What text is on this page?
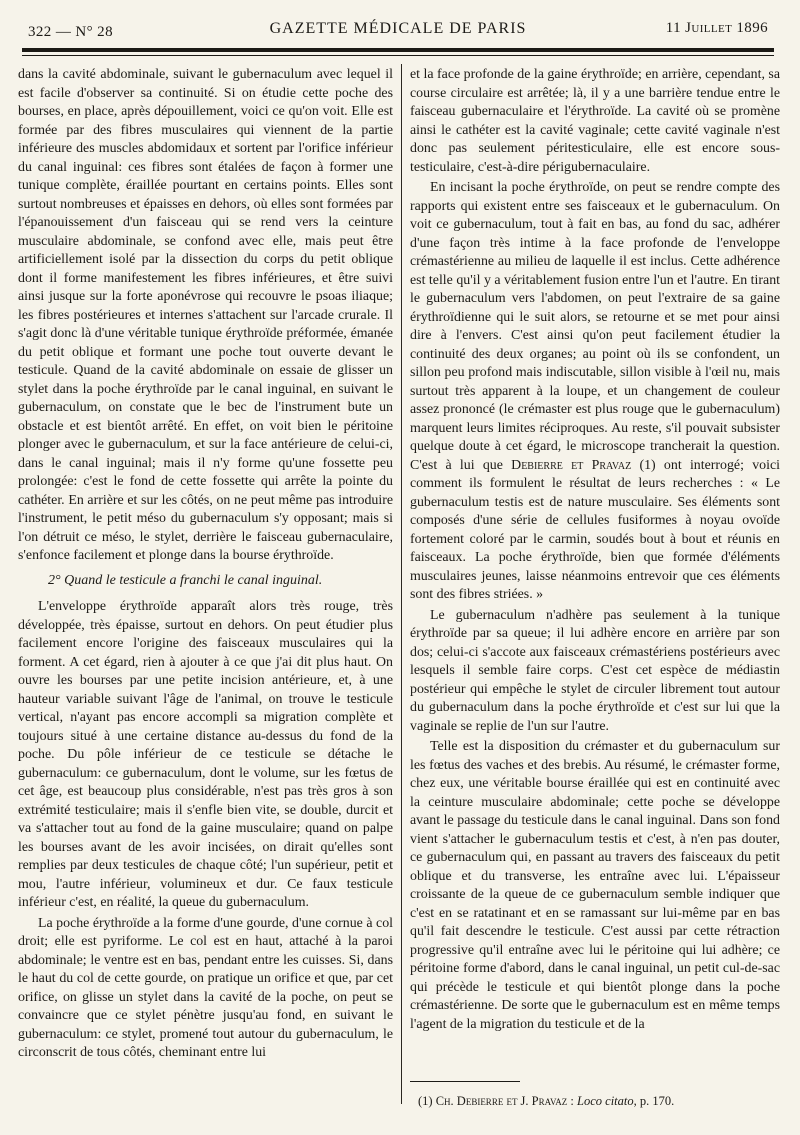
322 — N° 28	GAZETTE MÉDICALE DE PARIS	11 Juillet 1896

dans la cavité abdominale, suivant le gubernaculum avec lequel il est facile d'observer sa continuité. Si on étudie cette poche des bourses, en place, après dépouillement, voici ce qu'on voit. Elle est formée par des fibres musculaires qui viennent de la partie inférieure des muscles abdomidaux et sortent par l'orifice inférieur du canal inguinal: ces fibres sont étalées de façon à former une tunique complète, éraillée pourtant en certains points. Elles sont surtout nombreuses et épaisses en dehors, où elles sont formées par l'épanouissement d'un faisceau qui se rend vers la ceinture musculaire abdominale, se confond avec elle, mais peut être artificiellement isolé par la dissection du corps du petit oblique dont il forme manifestement les fibres inférieures, et être suivi ainsi jusque sur la forte aponévrose qui recouvre le psoas iliaque; les fibres postérieures et internes s'attachent sur l'arcade crurale. Il s'agit donc là d'une véritable tunique érythroïde préformée, émanée du petit oblique et formant une poche tout ouverte devant le testicule. Quand de la cavité abdominale on essaie de glisser un stylet dans la poche érythroïde par le canal inguinal, en suivant le gubernaculum, on constate que le bec de l'instrument bute un obstacle et est bientôt arrêté. En effet, on voit bien le péritoine plonger avec le gubernaculum, et sur la face antérieure de celui-ci, dans le canal inguinal; mais il n'y forme qu'une fossette peu prolongée: c'est le fond de cette fossette qui arrête la pointe du cathéter. En arrière et sur les côtés, on ne peut même pas introduire l'instrument, le petit méso du gubernaculum s'y opposant; mais si l'on détruit ce méso, le stylet, derrière le faisceau gubernaculaire, s'enfonce facilement et plonge dans la bourse érythroïde.

2° Quand le testicule a franchi le canal inguinal.

L'enveloppe érythroïde apparaît alors très rouge, très développée, très épaisse, surtout en dehors. On peut étudier plus facilement encore l'origine des faisceaux musculaires qui la forment. A cet égard, rien à ajouter à ce que j'ai dit plus haut. On ouvre les bourses par une petite incision antérieure, et, à une hauteur variable suivant l'âge de l'animal, on trouve le testicule vertical, n'ayant pas encore accompli sa migration complète et toujours situé à une certaine distance au-dessus du fond de la poche. Du pôle inférieur de ce testicule se détache le gubernaculum: ce gubernaculum, dont le volume, sur les fœtus de cet âge, est beaucoup plus considérable, n'est pas très gros à son extrémité testiculaire; mais il s'enfle bien vite, se double, durcit et va s'attacher tout au fond de la gaine musculaire; quand on palpe les bourses avant de les avoir incisées, on dirait qu'elles sont remplies par deux testicules de chaque côté; l'un supérieur, petit et mou, l'autre inférieur, volumineux et dur. Ce faux testicule inférieur c'est, en réalité, la queue du gubernaculum.

La poche érythroïde a la forme d'une gourde, d'une cornue à col droit; elle est pyriforme. Le col est en haut, attaché à la paroi abdominale; le ventre est en bas, pendant entre les cuisses. Si, dans le haut du col de cette gourde, on pratique un orifice et que, par cet orifice, on glisse un stylet dans la cavité de la poche, on peut se convaincre que ce stylet pénètre jusqu'au fond, en suivant le gubernaculum: ce stylet, promené tout autour du gubernaculum, le circonscrit de tous côtés, cheminant entre lui

et la face profonde de la gaine érythroïde; en arrière, cependant, sa course circulaire est arrêtée; là, il y a une barrière tendue entre le faisceau gubernaculaire et l'érythroïde. La cavité où se promène ainsi le cathéter est la cavité vaginale; cette cavité vaginale n'est donc pas seulement péritesticulaire, elle est encore sous-testiculaire, c'est-à-dire périgubernaculaire.

En incisant la poche érythroïde, on peut se rendre compte des rapports qui existent entre ses faisceaux et le gubernaculum. On voit ce gubernaculum, tout à fait en bas, au fond du sac, adhérer d'une façon très intime à la face profonde de l'enveloppe crémastérienne au milieu de laquelle il est inclus. Cette adhérence est telle qu'il y a véritablement fusion entre l'un et l'autre. En tirant le gubernaculum vers l'abdomen, on peut l'extraire de sa gaine érythroïdienne qui le suit alors, se retourne et se met pour ainsi dire à l'envers. C'est ainsi qu'on peut facilement étudier la continuité des deux organes; au point où ils se confondent, un sillon peu profond mais indiscutable, sillon visible à l'œil nu, mais surtout très apparent à la loupe, et un changement de couleur assez prononcé (le crémaster est plus rouge que le gubernaculum) marquent leurs limites réciproques. Au reste, s'il pouvait subsister quelque doute à cet égard, le microscope trancherait la question. C'est à lui que Debierre et Pravaz (1) ont interrogé; voici comment ils formulent le résultat de leurs recherches : « Le gubernaculum testis est de nature musculaire. Ses éléments sont composés d'une série de cellules fusiformes à noyau ovoïde fortement coloré par le carmin, soudés bout à bout et réunis en faisceaux. La poche érythroïde, bien que formée d'éléments musculaires jeunes, laisse néanmoins entrevoir que ces éléments sont des fibres striées. »

Le gubernaculum n'adhère pas seulement à la tunique érythroïde par sa queue; il lui adhère encore en arrière par son dos; celui-ci s'accote aux faisceaux crémastériens postérieurs avec lesquels il semble faire corps. C'est cet espèce de médiastin postérieur qui empêche le stylet de circuler librement tout autour du gubernaculum dans la poche érythroïde et c'est sur lui que la vaginale se replie de l'un sur l'autre.

Telle est la disposition du crémaster et du gubernaculum sur les fœtus des vaches et des brebis. Au résumé, le crémaster forme, chez eux, une véritable bourse éraillée qui est en continuité avec la ceinture musculaire abdominale; cette poche se développe avant le passage du testicule dans le canal inguinal. Dans son fond vient s'attacher le gubernaculum testis et c'est, à n'en pas douter, ce gubernaculum qui, en passant au travers des faisceaux du petit oblique et du transverse, les entraîne avec lui. L'épaisseur croissante de la queue de ce gubernaculum semble indiquer que c'est en se ratatinant et en se ramassant sur lui-même par en bas qu'il fait descendre le testicule. C'est aussi par cette rétraction progressive qu'il entraîne avec lui le péritoine qui lui adhère; ce péritoine forme d'abord, dans le canal inguinal, un petit cul-de-sac qui précède le testicule et qui bientôt plonge dans la poche crémastérienne. De sorte que le gubernaculum est en même temps l'agent de la migration du testicule et de la

(1) Ch. Debierre et J. Pravaz : Loco citato, p. 170.
